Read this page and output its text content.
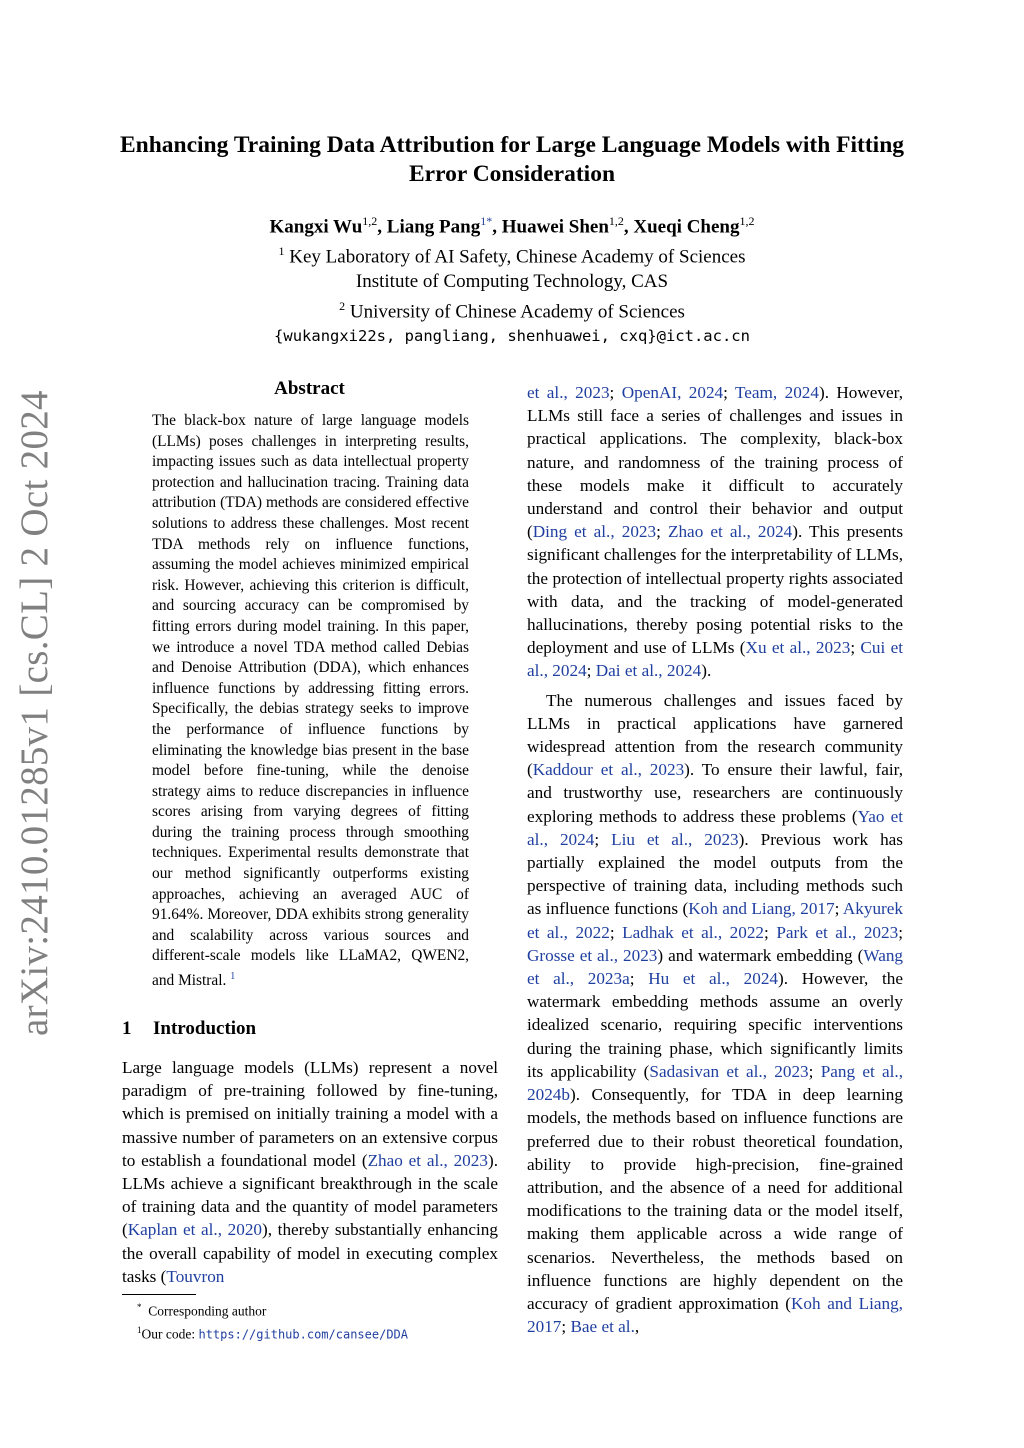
arXiv:2410.01285v1 [cs.CL] 2 Oct 2024
Enhancing Training Data Attribution for Large Language Models with Fitting Error Consideration
Kangxi Wu$^{1,2}$, Liang Pang$^{1*}$, Huawei Shen$^{1,2}$, Xueqi Cheng$^{1,2}$
$^1$ Key Laboratory of AI Safety, Chinese Academy of Sciences
Institute of Computing Technology, CAS
$^2$ University of Chinese Academy of Sciences
{wukangxi22s, pangliang, shenhuawei, cxq}@ict.ac.cn
Abstract

The black-box nature of large language models (LLMs) poses challenges in interpreting results, impacting issues such as data intellectual property protection and hallucination tracing. Training data attribution (TDA) methods are considered effective solutions to address these challenges. Most recent TDA methods rely on influence functions, assuming the model achieves minimized empirical risk. However, achieving this criterion is difficult, and sourcing accuracy can be compromised by fitting errors during model training. In this paper, we introduce a novel TDA method called Debias and Denoise Attribution (DDA), which enhances influence functions by addressing fitting errors. Specifically, the debias strategy seeks to improve the performance of influence functions by eliminating the knowledge bias present in the base model before fine-tuning, while the denoise strategy aims to reduce discrepancies in influence scores arising from varying degrees of fitting during the training process through smoothing techniques. Experimental results demonstrate that our method significantly outperforms existing approaches, achieving an averaged AUC of 91.64%. Moreover, DDA exhibits strong generality and scalability across various sources and different-scale models like LLaMA2, QWEN2, and Mistral. $^1$

1 Introduction

Large language models (LLMs) represent a novel paradigm of pre-training followed by fine-tuning, which is premised on initially training a model with a massive number of parameters on an extensive corpus to establish a foundational model (Zhao et al., 2023). LLMs achieve a significant breakthrough in the scale of training data and the quantity of model parameters (Kaplan et al., 2020), thereby substantially enhancing the overall capability of model in executing complex tasks (Touvron

et al., 2023; OpenAI, 2024; Team, 2024). However, LLMs still face a series of challenges and issues in practical applications. The complexity, black-box nature, and randomness of the training process of these models make it difficult to accurately understand and control their behavior and output (Ding et al., 2023; Zhao et al., 2024). This presents significant challenges for the interpretability of LLMs, the protection of intellectual property rights associated with data, and the tracking of model-generated hallucinations, thereby posing potential risks to the deployment and use of LLMs (Xu et al., 2023; Cui et al., 2024; Dai et al., 2024).

The numerous challenges and issues faced by LLMs in practical applications have garnered widespread attention from the research community (Kaddour et al., 2023). To ensure their lawful, fair, and trustworthy use, researchers are continuously exploring methods to address these problems (Yao et al., 2024; Liu et al., 2023). Previous work has partially explained the model outputs from the perspective of training data, including methods such as influence functions (Koh and Liang, 2017; Akyurek et al., 2022; Ladhak et al., 2022; Park et al., 2023; Grosse et al., 2023) and watermark embedding (Wang et al., 2023a; Hu et al., 2024). However, the watermark embedding methods assume an overly idealized scenario, requiring specific interventions during the training phase, which significantly limits its applicability (Sadasivan et al., 2023; Pang et al., 2024b). Consequently, for TDA in deep learning models, the methods based on influence functions are preferred due to their robust theoretical foundation, ability to provide high-precision, fine-grained attribution, and the absence of a need for additional modifications to the training data or the model itself, making them applicable across a wide range of scenarios. Nevertheless, the methods based on influence functions are highly dependent on the accuracy of gradient approximation (Koh and Liang, 2017; Bae et al.,

* Corresponding author
$^1$Our code: https://github.com/cansee/DDA
